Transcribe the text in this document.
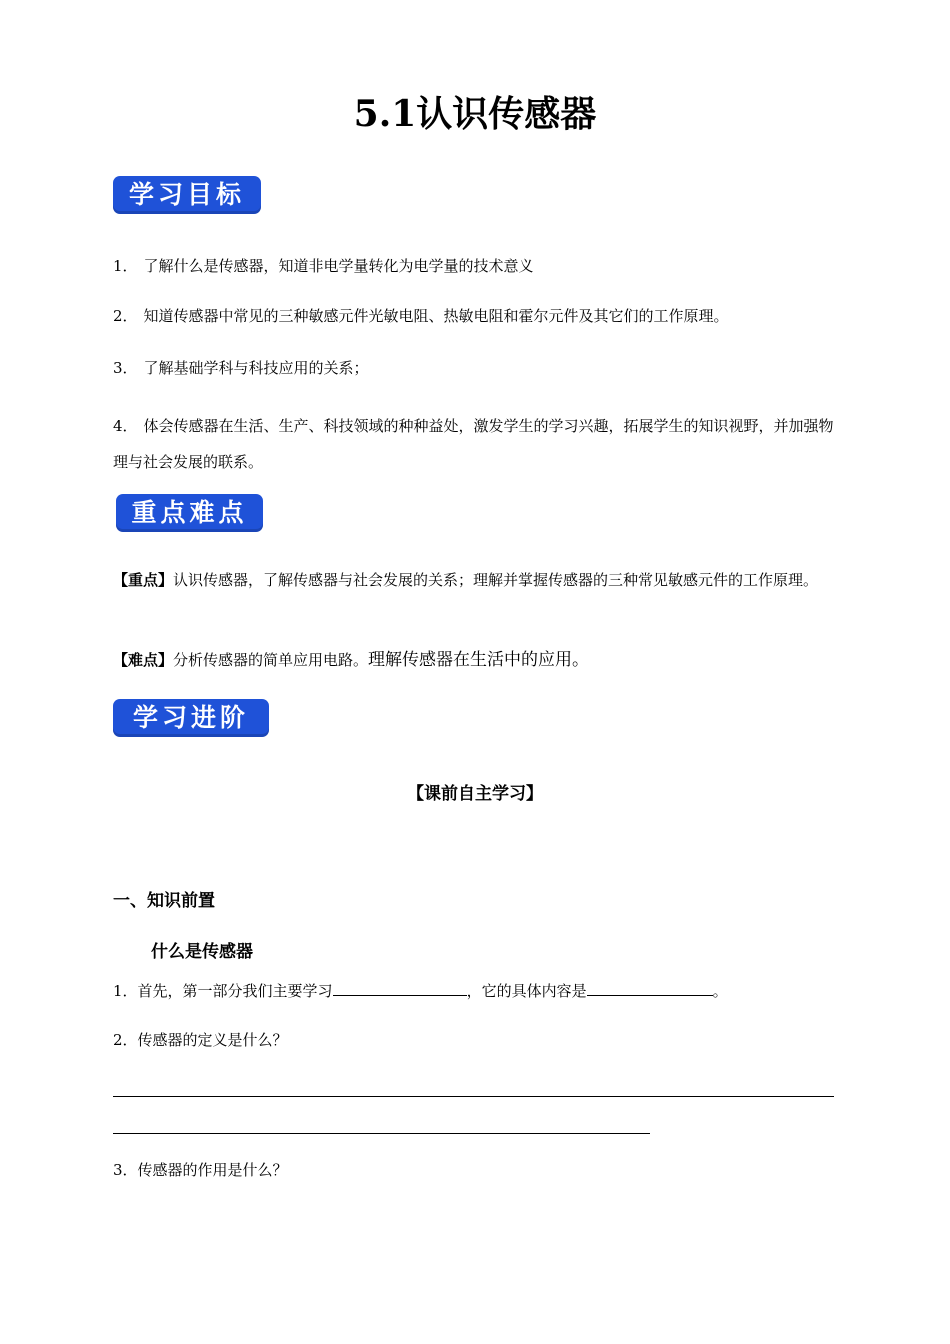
5.1认识传感器
学习目标
1． 了解什么是传感器，知道非电学量转化为电学量的技术意义
2． 知道传感器中常见的三种敏感元件光敏电阻、热敏电阻和霍尔元件及其它们的工作原理。
3． 了解基础学科与科技应用的关系；
4． 体会传感器在生活、生产、科技领域的种种益处，激发学生的学习兴趣，拓展学生的知识视野，并加强物理与社会发展的联系。
重点难点
【重点】认识传感器，了解传感器与社会发展的关系；理解并掌握传感器的三种常见敏感元件的工作原理。
【难点】分析传感器的简单应用电路。理解传感器在生活中的应用。
学习进阶
【课前自主学习】
一、知识前置
什么是传感器
1．首先，第一部分我们主要学习	，它的具体内容是	。
2．传感器的定义是什么？
3．传感器的作用是什么？
